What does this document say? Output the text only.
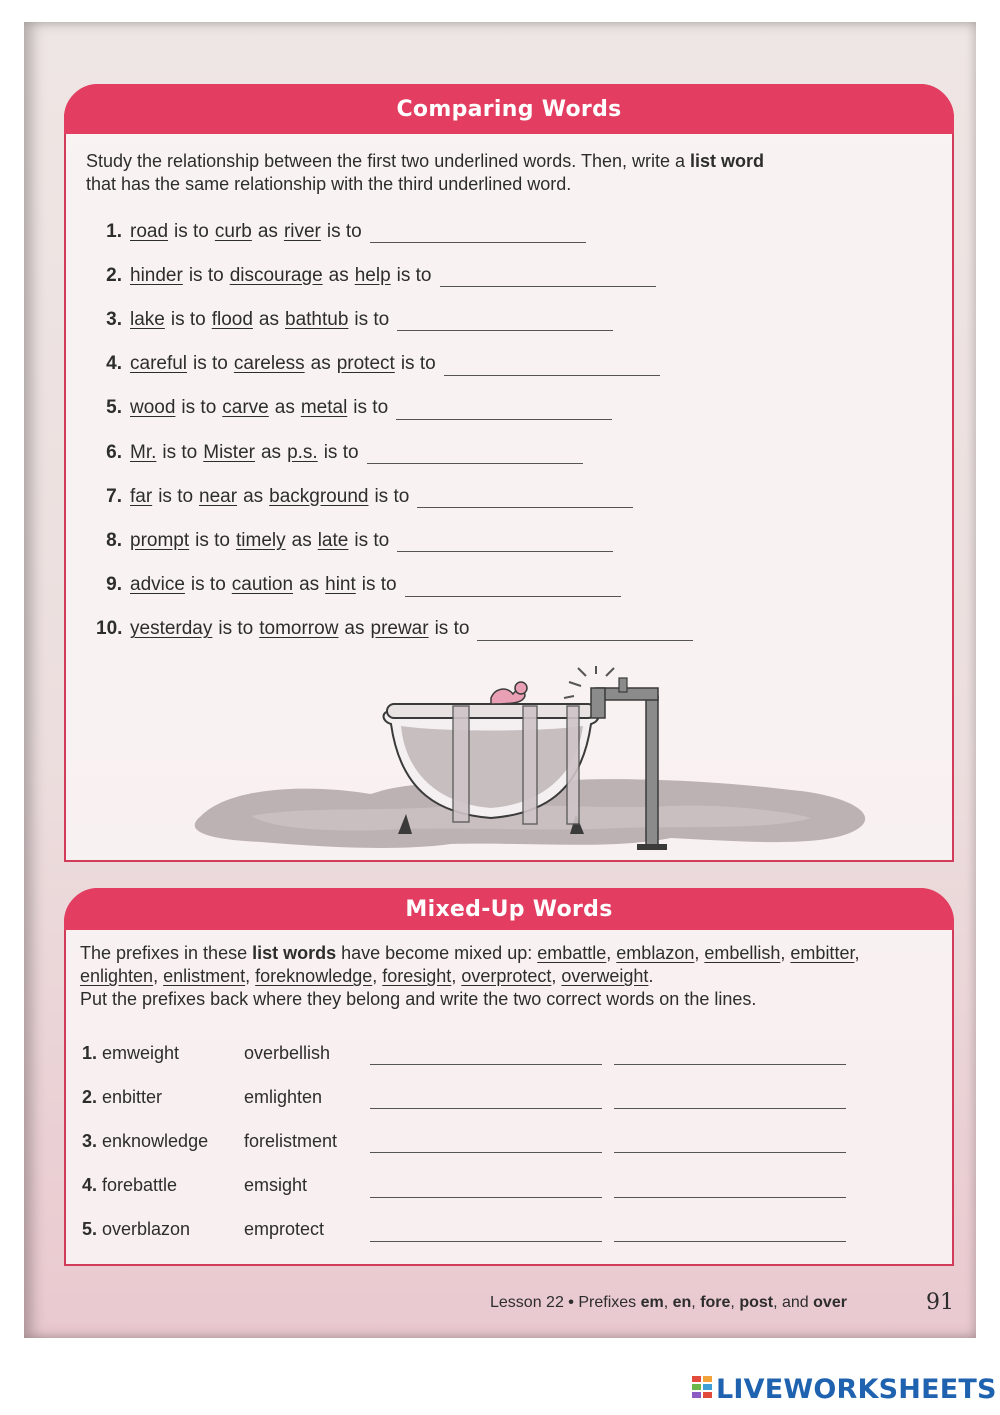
Comparing Words
Study the relationship between the first two underlined words. Then, write a list word
that has the same relationship with the third underlined word.
1. road is to curb as river is to
2. hinder is to discourage as help is to
3. lake is to flood as bathtub is to
4. careful is to careless as protect is to
5. wood is to carve as metal is to
6. Mr. is to Mister as p.s. is to
7. far is to near as background is to
8. prompt is to timely as late is to
9. advice is to caution as hint is to
10. yesterday is to tomorrow as prewar is to
Mixed-Up Words
The prefixes in these list words have become mixed up: embattle, emblazon, embellish, embitter, enlighten, enlistment, foreknowledge, foresight, overprotect, overweight.
Put the prefixes back where they belong and write the two correct words on the lines.
1. emweight	overbellish
2. enbitter	emlighten
3. enknowledge	forelistment
4. forebattle	emsight
5. overblazon	emprotect
Lesson 22 • Prefixes em, en, fore, post, and over	91
LIVEWORKSHEETS
